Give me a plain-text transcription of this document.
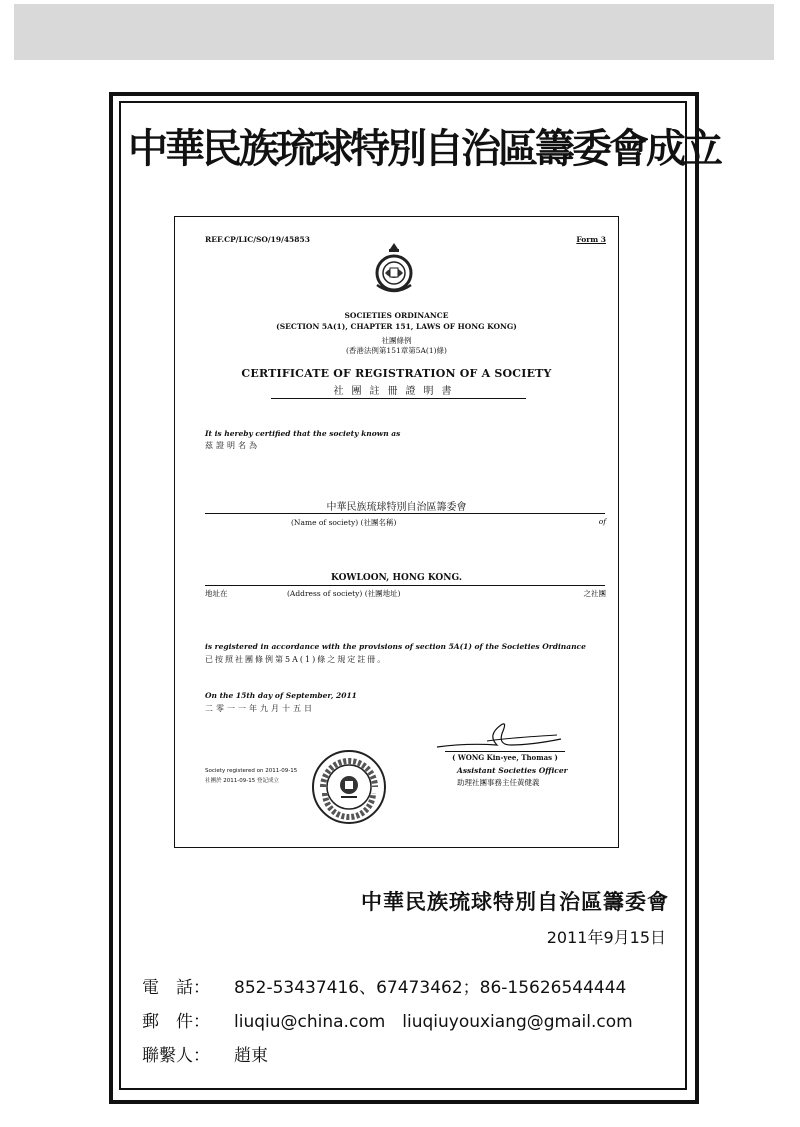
中華民族琉球特別自治區籌委會成立
REF.CP/LIC/SO/19/45853	Form 3
SOCIETIES ORDINANCE
(SECTION 5A(1), CHAPTER 151, LAWS OF HONG KONG)
社團條例
(香港法例第151章第5A(1)條)
CERTIFICATE OF REGISTRATION OF A SOCIETY
社團註冊證明書
It is hereby certified that the society known as
茲證明名為
中華民族琉球特別自治區籌委會
(Name of society) (社團名稱)	of
KOWLOON, HONG KONG.
地址在	(Address of society) (社團地址)	之社團
is registered in accordance with the provisions of section 5A(1) of the Societies Ordinance
已按照社團條例第5A(1)條之規定註冊。
On the 15th day of September, 2011
二零一一年九月十五日
( WONG Kin-yee, Thomas )
Assistant Societies Officer
助理社團事務主任黃健義
Society registered on 2011-09-15
社團於 2011-09-15 登記成立
中華民族琉球特別自治區籌委會
2011年9月15日
電　話： 852-53437416、67473462；86-15626544444
郵　件： liuqiu@china.com　liuqiuyouxiang@gmail.com
聯繫人： 趙東
